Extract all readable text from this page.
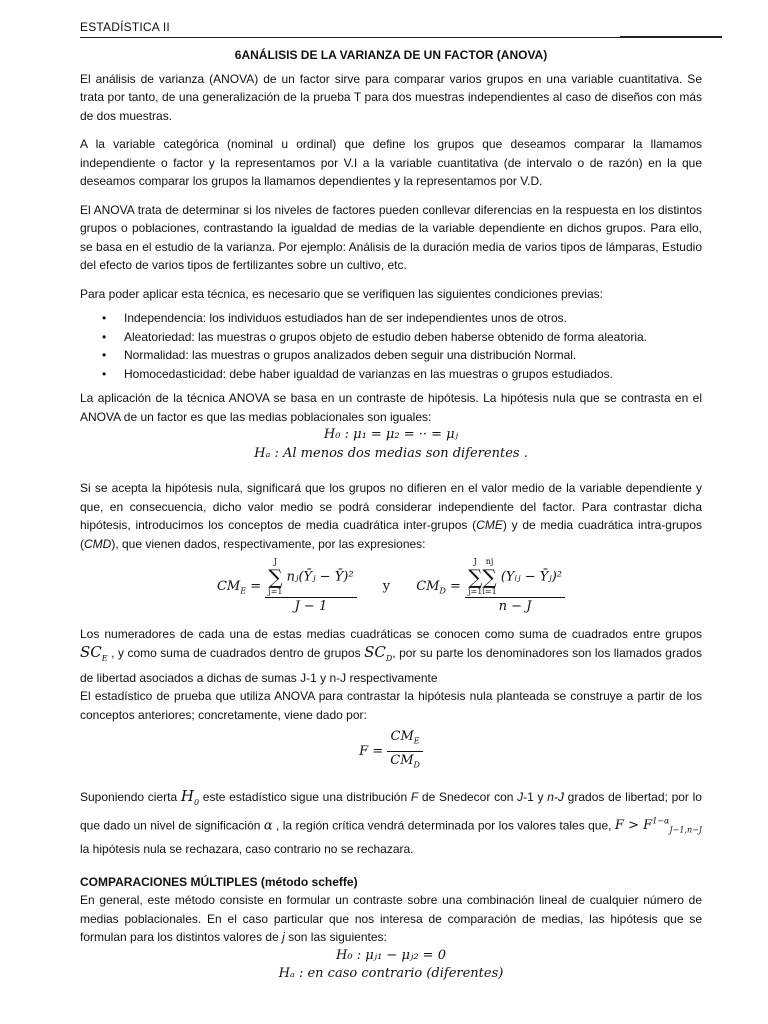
ESTADÍSTICA II
6ANÁLISIS DE LA VARIANZA DE UN FACTOR (ANOVA)

El análisis de varianza (ANOVA) de un factor sirve para comparar varios grupos en una variable cuantitativa. Se trata por tanto, de una generalización de la prueba T para dos muestras independientes al caso de diseños con más de dos muestras.

A la variable categórica (nominal u ordinal) que define los grupos que deseamos comparar la llamamos independiente o factor y la representamos por V.I a la variable cuantitativa (de intervalo o de razón) en la que deseamos comparar los grupos la llamamos dependientes y la representamos por V.D.

El ANOVA trata de determinar si los niveles de factores pueden conllevar diferencias en la respuesta en los distintos grupos o poblaciones, contrastando la igualdad de medias de la variable dependiente en dichos grupos. Para ello, se basa en el estudio de la varianza. Por ejemplo: Análisis de la duración media de varios tipos de lámparas, Estudio del efecto de varios tipos de fertilizantes sobre un cultivo, etc.

Para poder aplicar esta técnica, es necesario que se verifiquen las siguientes condiciones previas:

• Independencia: los individuos estudiados han de ser independientes unos de otros.
• Aleatoriedad: las muestras o grupos objeto de estudio deben haberse obtenido de forma aleatoria.
• Normalidad: las muestras o grupos analizados deben seguir una distribución Normal.
• Homocedasticidad: debe haber igualdad de varianzas en las muestras o grupos estudiados.

La aplicación de la técnica ANOVA se basa en un contraste de hipótesis. La hipótesis nula que se contrasta en el ANOVA de un factor es que las medias poblacionales son iguales:

H₀ : μ₁ = μ₂ = ·· = μⱼ
Hₐ : Al menos dos medias son diferentes .

Si se acepta la hipótesis nula, significará que los grupos no difieren en el valor medio de la variable dependiente y que, en consecuencia, dicho valor medio se podrá considerar independiente del factor. Para contrastar dicha hipótesis, introducimos los conceptos de media cuadrática inter-grupos (CME) y de media cuadrática intra-grupos (CMD), que vienen dados, respectivamente, por las expresiones:

$CM_E = J$
∑
j=1
nⱼ(Ȳⱼ − Ȳ)²
J − 1 y $CM_D = J$
∑
j=1
nj
∑
i=1
(Yᵢⱼ − Ȳⱼ)²
n − J

Los numeradores de cada una de estas medias cuadráticas se conocen como suma de cuadrados entre grupos $SC_E$ , y como suma de cuadrados dentro de grupos $SC_D$, por su parte los denominadores son los llamados grados de libertad asociados a dichas de sumas J-1 y n-J respectivamente

El estadístico de prueba que utiliza ANOVA para contrastar la hipótesis nula planteada se construye a partir de los conceptos anteriores; concretamente, viene dado por:

$F = \frac{CM_E}{CM_D}$

Suponiendo cierta $H_0$ este estadístico sigue una distribución F de Snedecor con J-1 y n-J grados de libertad; por lo que dado un nivel de significación α , la región crítica vendrá determinada por los valores tales que, $F > F^{1-\alpha}_{J-1,n-J}$ la hipótesis nula se rechazara, caso contrario no se rechazara.

COMPARACIONES MÚLTIPLES (método scheffe)

En general, este método consiste en formular un contraste sobre una combinación lineal de cualquier número de medias poblacionales. En el caso particular que nos interesa de comparación de medias, las hipótesis que se formulan para los distintos valores de j son las siguientes:

H₀ : μⱼ₁ − μⱼ₂ = 0
Hₐ : en caso contrario (diferentes)
